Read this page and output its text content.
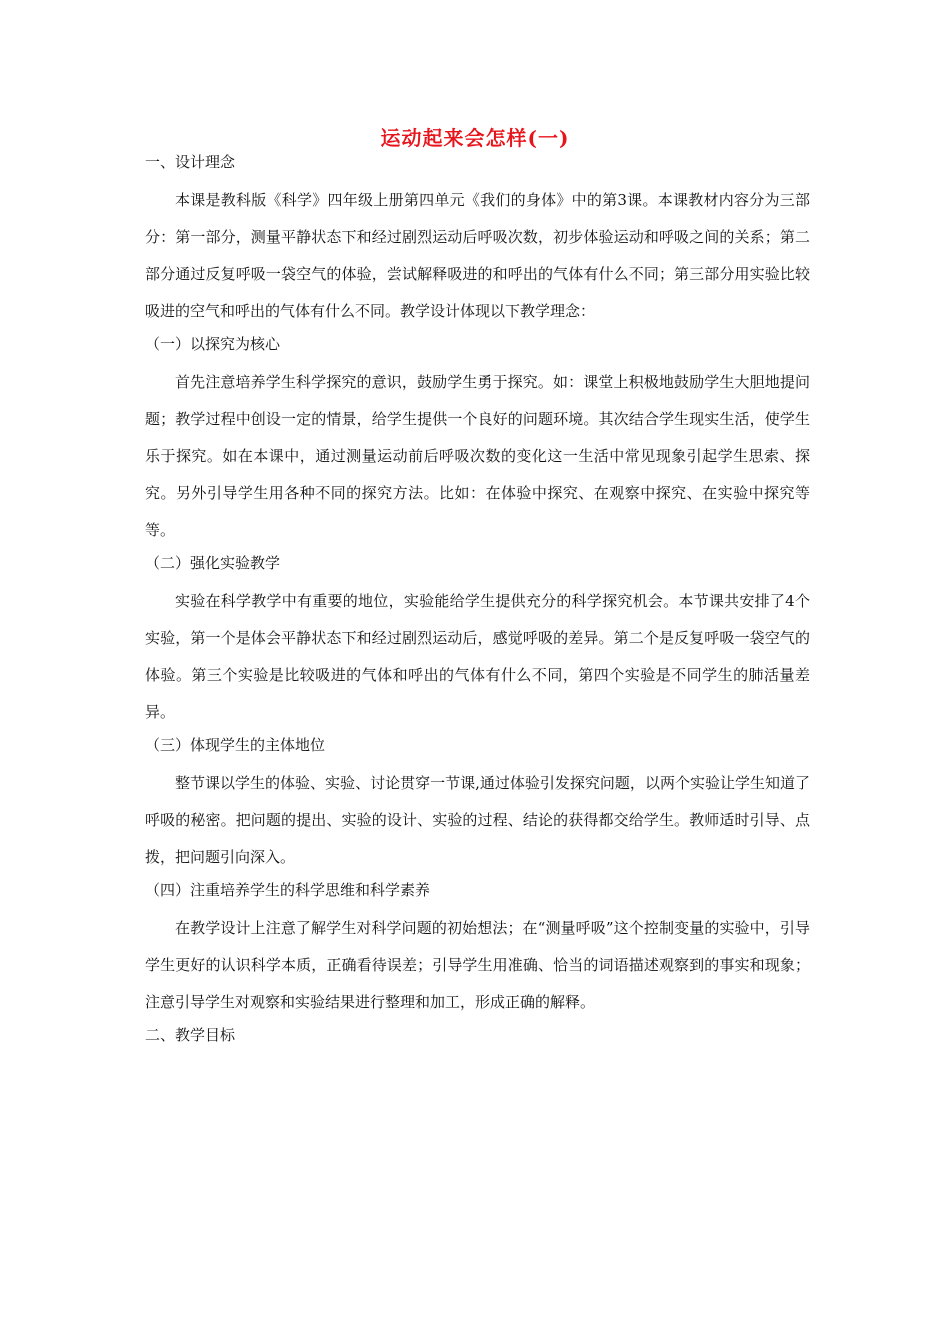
运动起来会怎样(一)

一、设计理念

本课是教科版《科学》四年级上册第四单元《我们的身体》中的第3课。本课教材内容分为三部分：第一部分，测量平静状态下和经过剧烈运动后呼吸次数，初步体验运动和呼吸之间的关系；第二部分通过反复呼吸一袋空气的体验，尝试解释吸进的和呼出的气体有什么不同；第三部分用实验比较吸进的空气和呼出的气体有什么不同。教学设计体现以下教学理念：

（一）以探究为核心

首先注意培养学生科学探究的意识，鼓励学生勇于探究。如：课堂上积极地鼓励学生大胆地提问题；教学过程中创设一定的情景，给学生提供一个良好的问题环境。其次结合学生现实生活，使学生乐于探究。如在本课中，通过测量运动前后呼吸次数的变化这一生活中常见现象引起学生思索、探究。另外引导学生用各种不同的探究方法。比如：在体验中探究、在观察中探究、在实验中探究等等。

（二）强化实验教学

实验在科学教学中有重要的地位，实验能给学生提供充分的科学探究机会。本节课共安排了4个实验，第一个是体会平静状态下和经过剧烈运动后，感觉呼吸的差异。第二个是反复呼吸一袋空气的体验。第三个实验是比较吸进的气体和呼出的气体有什么不同，第四个实验是不同学生的肺活量差异。

（三）体现学生的主体地位

整节课以学生的体验、实验、讨论贯穿一节课,通过体验引发探究问题，以两个实验让学生知道了呼吸的秘密。把问题的提出、实验的设计、实验的过程、结论的获得都交给学生。教师适时引导、点拨，把问题引向深入。

（四）注重培养学生的科学思维和科学素养

在教学设计上注意了解学生对科学问题的初始想法；在“测量呼吸”这个控制变量的实验中，引导学生更好的认识科学本质，正确看待误差；引导学生用准确、恰当的词语描述观察到的事实和现象；注意引导学生对观察和实验结果进行整理和加工，形成正确的解释。

二、教学目标
